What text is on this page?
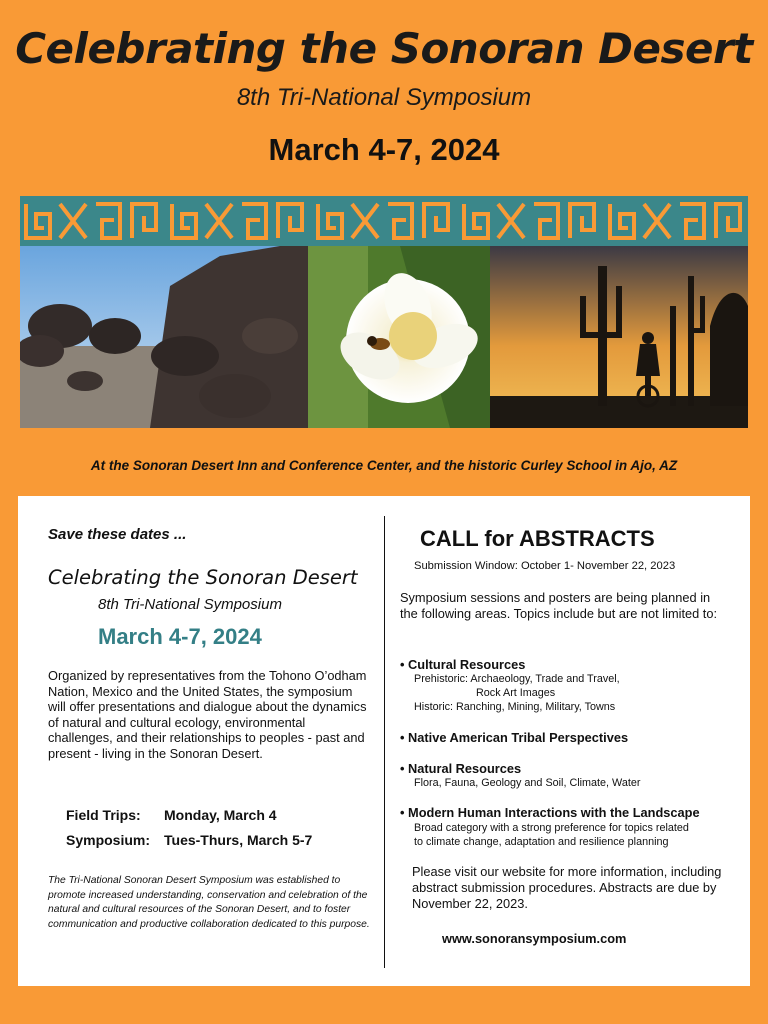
Celebrating the Sonoran Desert
8th Tri-National Symposium
March 4-7, 2024
At the Sonoran Desert Inn and Conference Center, and the historic Curley School in Ajo, AZ
Save these dates ...
Celebrating the Sonoran Desert
8th Tri-National Symposium
March 4-7, 2024
Organized by representatives from the Tohono O’odham Nation, Mexico and the United States, the symposium will offer presentations and dialogue about the dynamics of natural and cultural ecology, environmental challenges, and their relationships to peoples - past and present - living in the Sonoran Desert.
Field Trips: Monday, March 4
Symposium: Tues-Thurs, March 5-7
The Tri-National Sonoran Desert Symposium was established to promote increased understanding, conservation and celebration of the natural and cultural resources of the Sonoran Desert, and to foster communication and productive collaboration dedicated to this purpose.
CALL for ABSTRACTS
Submission Window: October 1- November 22, 2023
Symposium sessions and posters are being planned in the following areas. Topics include but are not limited to:
• Cultural Resources
Prehistoric: Archaeology, Trade and Travel,
Rock Art Images
Historic: Ranching, Mining, Military, Towns
• Native American Tribal Perspectives
• Natural Resources
Flora, Fauna, Geology and Soil, Climate, Water
• Modern Human Interactions with the Landscape
Broad category with a strong preference for topics related
to climate change, adaptation and resilience planning
Please visit our website for more information, including abstract submission procedures. Abstracts are due by November 22, 2023.
www.sonoransymposium.com
